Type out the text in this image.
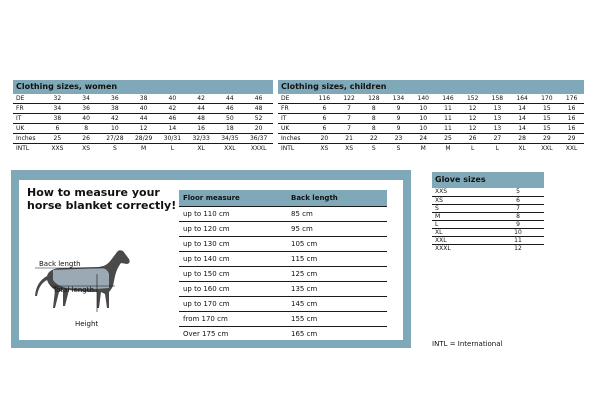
Clothing sizes, women
DE	32	34	36	38	40	42	44	46
FR	34	36	38	40	42	44	46	48
IT	38	40	42	44	46	48	50	52
UK	6	8	10	12	14	16	18	20
Inches	25	26	27/28	28/29	30/31	32/33	34/35	36/37
INTL	XXS	XS	S	M	L	XL	XXL	XXXL
Clothing sizes, children
DE	116	122	128	134	140	146	152	158	164	170	176
FR	6	7	8	9	10	11	12	13	14	15	16
IT	6	7	8	9	10	11	12	13	14	15	16
UK	6	7	8	9	10	11	12	13	14	15	16
Inches	20	21	22	23	24	25	26	27	28	29	29
INTL	XS	XS	S	S	M	M	L	L	XL	XXL	XXL
How to measure your horse blanket correctly!
Back length
Total length
Height
Floor measure	Back length
up to 110 cm	85 cm
up to 120 cm	95 cm
up to 130 cm	105 cm
up to 140 cm	115 cm
up to 150 cm	125 cm
up to 160 cm	135 cm
up to 170 cm	145 cm
from 170 cm	155 cm
Over 175 cm	165 cm
Glove sizes
XXS	5
XS	6
S	7
M	8
L	9
XL	10
XXL	11
XXXL	12
INTL = International
